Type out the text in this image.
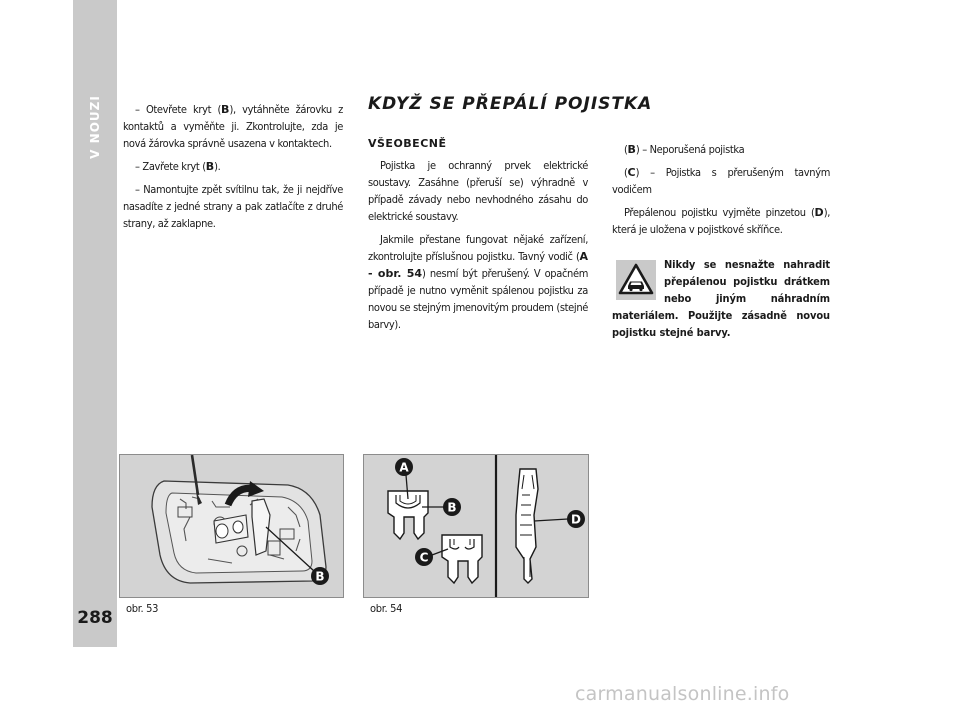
V NOUZI
288

– Otevřete kryt (B), vytáhněte žárovku z kontaktů a vyměňte ji. Zkontrolujte, zda je nová žárovka správně usazena v kontaktech.

– Zavřete kryt (B).

– Namontujte zpět svítilnu tak, že ji nejdříve nasadíte z jedné strany a pak zatlačíte z druhé strany, až zaklapne.

KDYŽ SE PŘEPÁLÍ POJISTKA
VŠEOBECNĚ

Pojistka je ochranný prvek elektrické soustavy. Zasáhne (přeruší se) výhradně v případě závady nebo nevhodného zásahu do elektrické soustavy.

Jakmile přestane fungovat nějaké zařízení, zkontrolujte příslušnou pojistku. Tavný vodič (A - obr. 54) nesmí být přerušený. V opačném případě je nutno vyměnit spálenou pojistku za novou se stejným jmenovitým proudem (stejné barvy).

(B) – Neporušená pojistka

(C) – Pojistka s přerušeným tavným vodičem

Přepálenou pojistku vyjměte pinzetou (D), která je uložena v pojistkové skříňce.

Nikdy se nesnažte nahradit přepálenou pojistku drátkem nebo jiným náhradním materiálem. Použijte zásadně novou pojistku stejné barvy.
B
obr. 53
A
B
C
D
obr. 54
carmanualsonline.info
